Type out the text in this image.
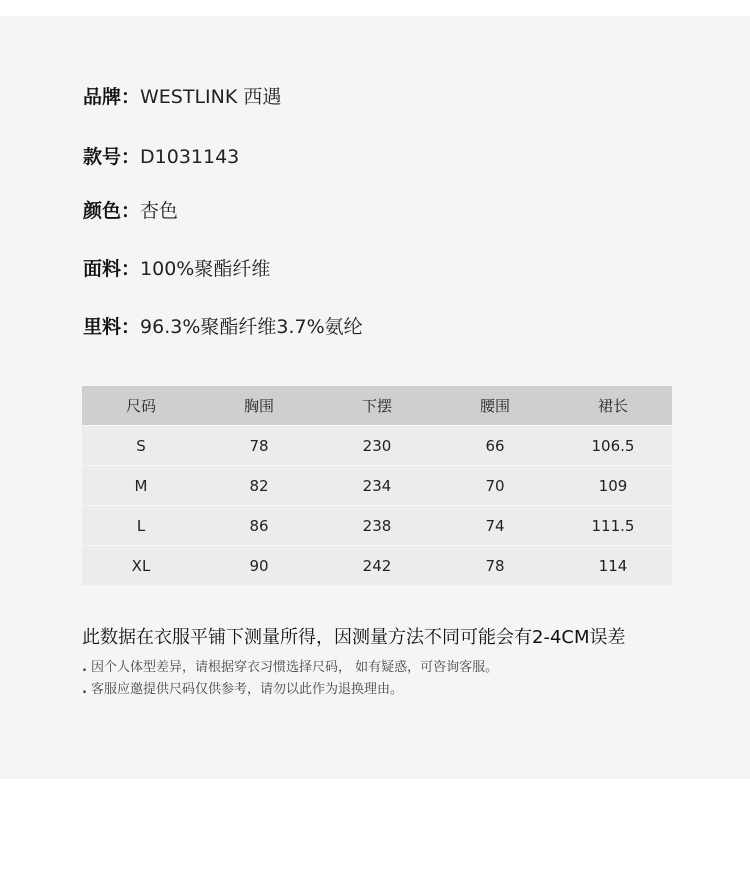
品牌：WESTLINK 西遇
款号：D1031143
颜色：杏色
面料：100%聚酯纤维
里料：96.3%聚酯纤维3.7%氨纶
尺码	胸围	下摆	腰围	裙长
S	78	230	66	106.5
M	82	234	70	109
L	86	238	74	111.5
XL	90	242	78	114
此数据在衣服平铺下测量所得，因测量方法不同可能会有2-4CM误差
. 因个人体型差异，请根据穿衣习惯选择尺码， 如有疑惑，可咨询客服。
. 客服应邀提供尺码仅供参考，请勿以此作为退换理由。
